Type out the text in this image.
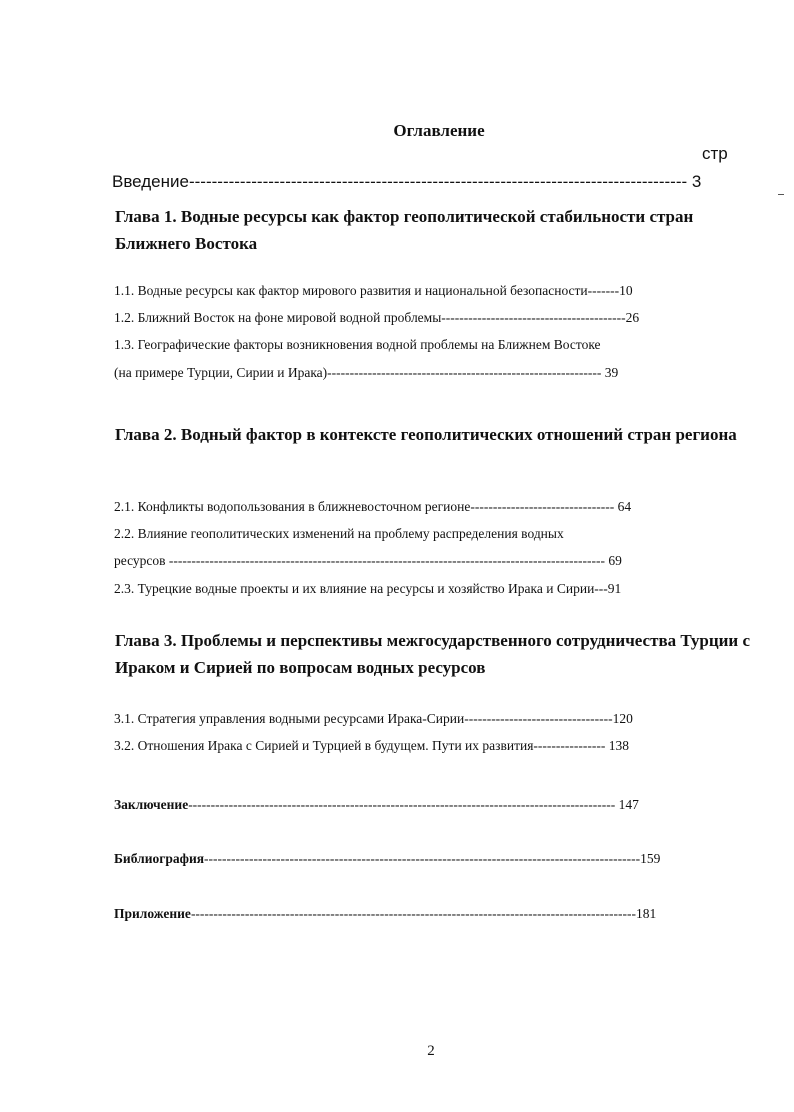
Оглавление
стр
Введение---------------------------------------------------------------------------------------- 3
Глава 1. Водные ресурсы как фактор геополитической стабильности стран Ближнего Востока
1.1. Водные ресурсы как фактор мирового развития и национальной безопасности-------10
1.2. Ближний Восток на фоне мировой водной проблемы-----------------------------------------26
1.3. Географические факторы возникновения водной проблемы на Ближнем Востоке
(на примере Турции, Сирии и Ирака)------------------------------------------------------------- 39
Глава 2. Водный фактор в контексте геополитических отношений стран региона
2.1. Конфликты водопользования в ближневосточном регионе-------------------------------- 64
2.2. Влияние геополитических изменений на проблему распределения водных
ресурсов ------------------------------------------------------------------------------------------------- 69
2.3. Турецкие водные проекты и их влияние на ресурсы и хозяйство Ирака и Сирии---91
Глава 3. Проблемы и перспективы межгосударственного сотрудничества Турции с Ираком и Сирией по вопросам водных ресурсов
3.1. Стратегия управления водными ресурсами Ирака-Сирии---------------------------------120
3.2. Отношения Ирака с Сирией и Турцией в будущем. Пути их развития---------------- 138
Заключение----------------------------------------------------------------------------------------------- 147
Библиография-------------------------------------------------------------------------------------------------159
Приложение---------------------------------------------------------------------------------------------------181
2
